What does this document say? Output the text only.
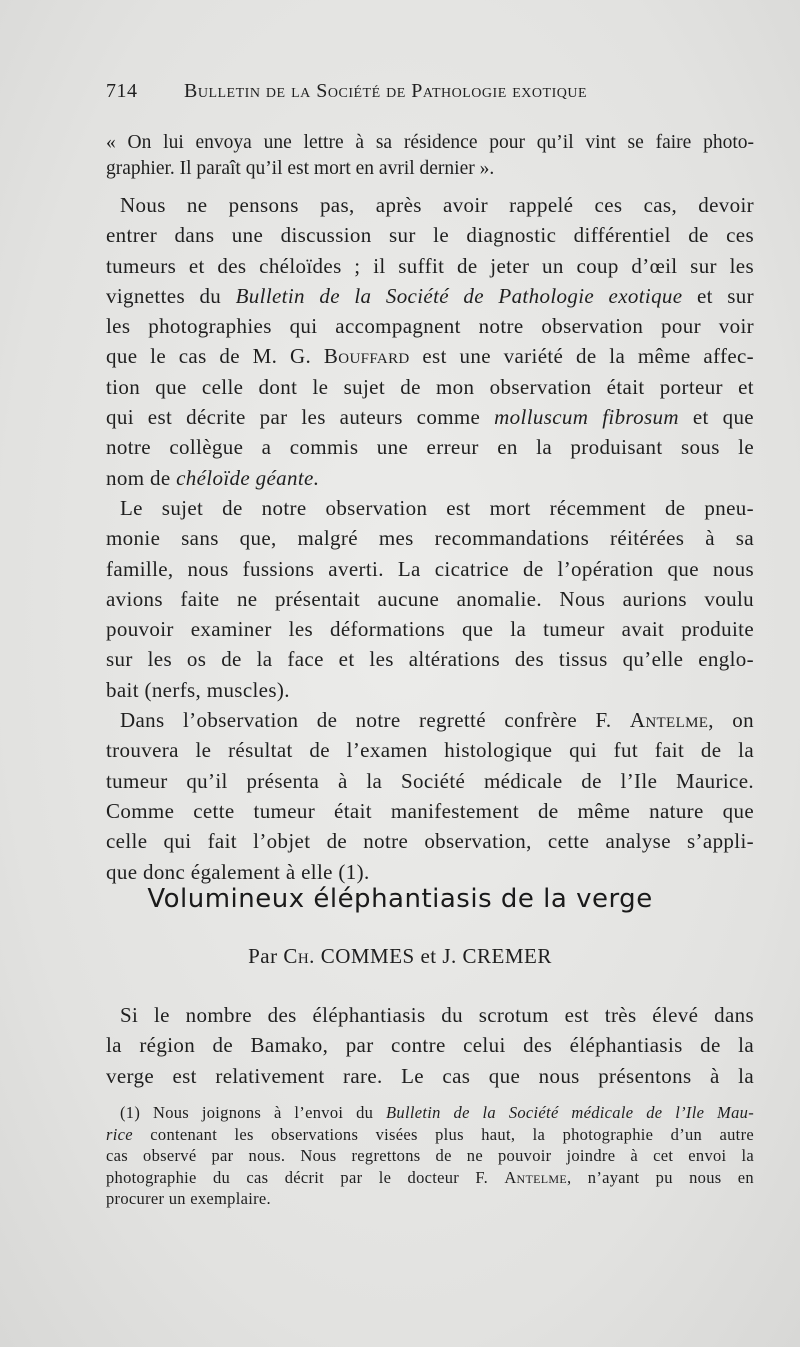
714 Bulletin de la Société de Pathologie exotique
« On lui envoya une lettre à sa résidence pour qu’il vint se faire photo-
graphier. Il paraît qu’il est mort en avril dernier ».
Nous ne pensons pas, après avoir rappelé ces cas, devoir
entrer dans une discussion sur le diagnostic différentiel de ces
tumeurs et des chéloïdes ; il suffit de jeter un coup d’œil sur les
vignettes du Bulletin de la Société de Pathologie exotique et sur
les photographies qui accompagnent notre observation pour voir
que le cas de M. G. Bouffard est une variété de la même affec-
tion que celle dont le sujet de mon observation était porteur et
qui est décrite par les auteurs comme molluscum fibrosum et que
notre collègue a commis une erreur en la produisant sous le
nom de chéloïde géante.
Le sujet de notre observation est mort récemment de pneu-
monie sans que, malgré mes recommandations réitérées à sa
famille, nous fussions averti. La cicatrice de l’opération que nous
avions faite ne présentait aucune anomalie. Nous aurions voulu
pouvoir examiner les déformations que la tumeur avait produite
sur les os de la face et les altérations des tissus qu’elle englo-
bait (nerfs, muscles).
Dans l’observation de notre regretté confrère F. Antelme, on
trouvera le résultat de l’examen histologique qui fut fait de la
tumeur qu’il présenta à la Société médicale de l’Ile Maurice.
Comme cette tumeur était manifestement de même nature que
celle qui fait l’objet de notre observation, cette analyse s’appli-
que donc également à elle (1).
Volumineux éléphantiasis de la verge
Par Ch. COMMES et J. CREMER
Si le nombre des éléphantiasis du scrotum est très élevé dans
la région de Bamako, par contre celui des éléphantiasis de la
verge est relativement rare. Le cas que nous présentons à la
(1) Nous joignons à l’envoi du Bulletin de la Société médicale de l’Ile Mau-
rice contenant les observations visées plus haut, la photographie d’un autre
cas observé par nous. Nous regrettons de ne pouvoir joindre à cet envoi la
photographie du cas décrit par le docteur F. Antelme, n’ayant pu nous en
procurer un exemplaire.
